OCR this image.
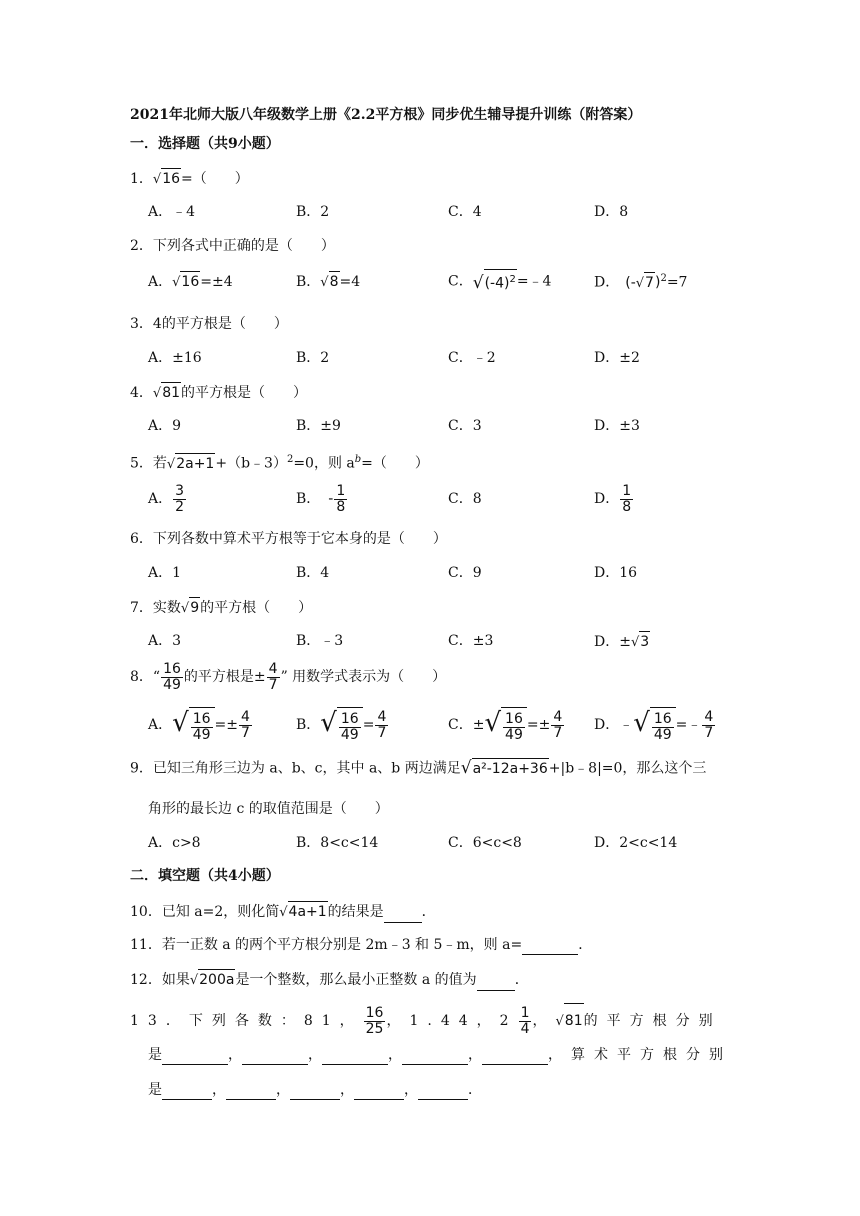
2021年北师大版八年级数学上册《2.2平方根》同步优生辅导提升训练（附答案）
一．选择题（共9小题）
1．√16=（　　）
A．﹣4	B．2	C．4	D．8
2．下列各式中正确的是（　　）
A．√16=±4	B．√8=4	C．$√(-4)^2=﹣4$	D． $(-√7)^2=7$
3．4的平方根是（　　）
A．±16	B．2	C．﹣2	D．±2
4．√81的平方根是（　　）
A．9	B．±9	C．3	D．±3
5．若√2a+1+（b﹣3）$^2$=0，则 $a^b=$（　　）
A． $\frac{3}{2}$	B． - $\frac{1}{8}$	C．8	D． $\frac{1}{8}$
6．下列各数中算术平方根等于它本身的是（　　）
A．1	B．4	C．9	D．16
7．实数√9的平方根（　　）
A．3	B．﹣3	C．±3	D．±√3
8．“ $\frac{16}{49}$ 的平方根是± $\frac{4}{7}$ ” 用数学式表示为（　　）
A．√ $\frac{16}{49} =\pm \frac{4}{7}$	B．√ $\frac{16}{49} = \frac{4}{7}$	C．±√ $\frac{16}{49} =\pm \frac{4}{7}$ D．﹣√ $\frac{16}{49}$ =﹣ $\frac{4}{7}$
9．已知三角形三边为 a、b、c，其中 a、b 两边满足√a²-12a+36+|b﹣8|=0，那么这个三
角形的最长边 c 的取值范围是（　　）
A．c>8	B．8<c<14	C．6<c<8	D．2<c<14
二．填空题（共4小题）
10．已知 a=2，则化简√4a+1的结果是	．
11．若一正数 a 的两个平方根分别是 2m﹣3 和 5﹣m，则 a=	．
12．如果√200a是一个整数，那么最小正整数 a 的值为	．
13．下列各数：81， $\frac{16}{25}$ ，1.44，$2 \frac{1}{4}$ ，√81的平方根分别
是	，	，	，	，	，算术平方根分别
是	，	，	，	，	．
